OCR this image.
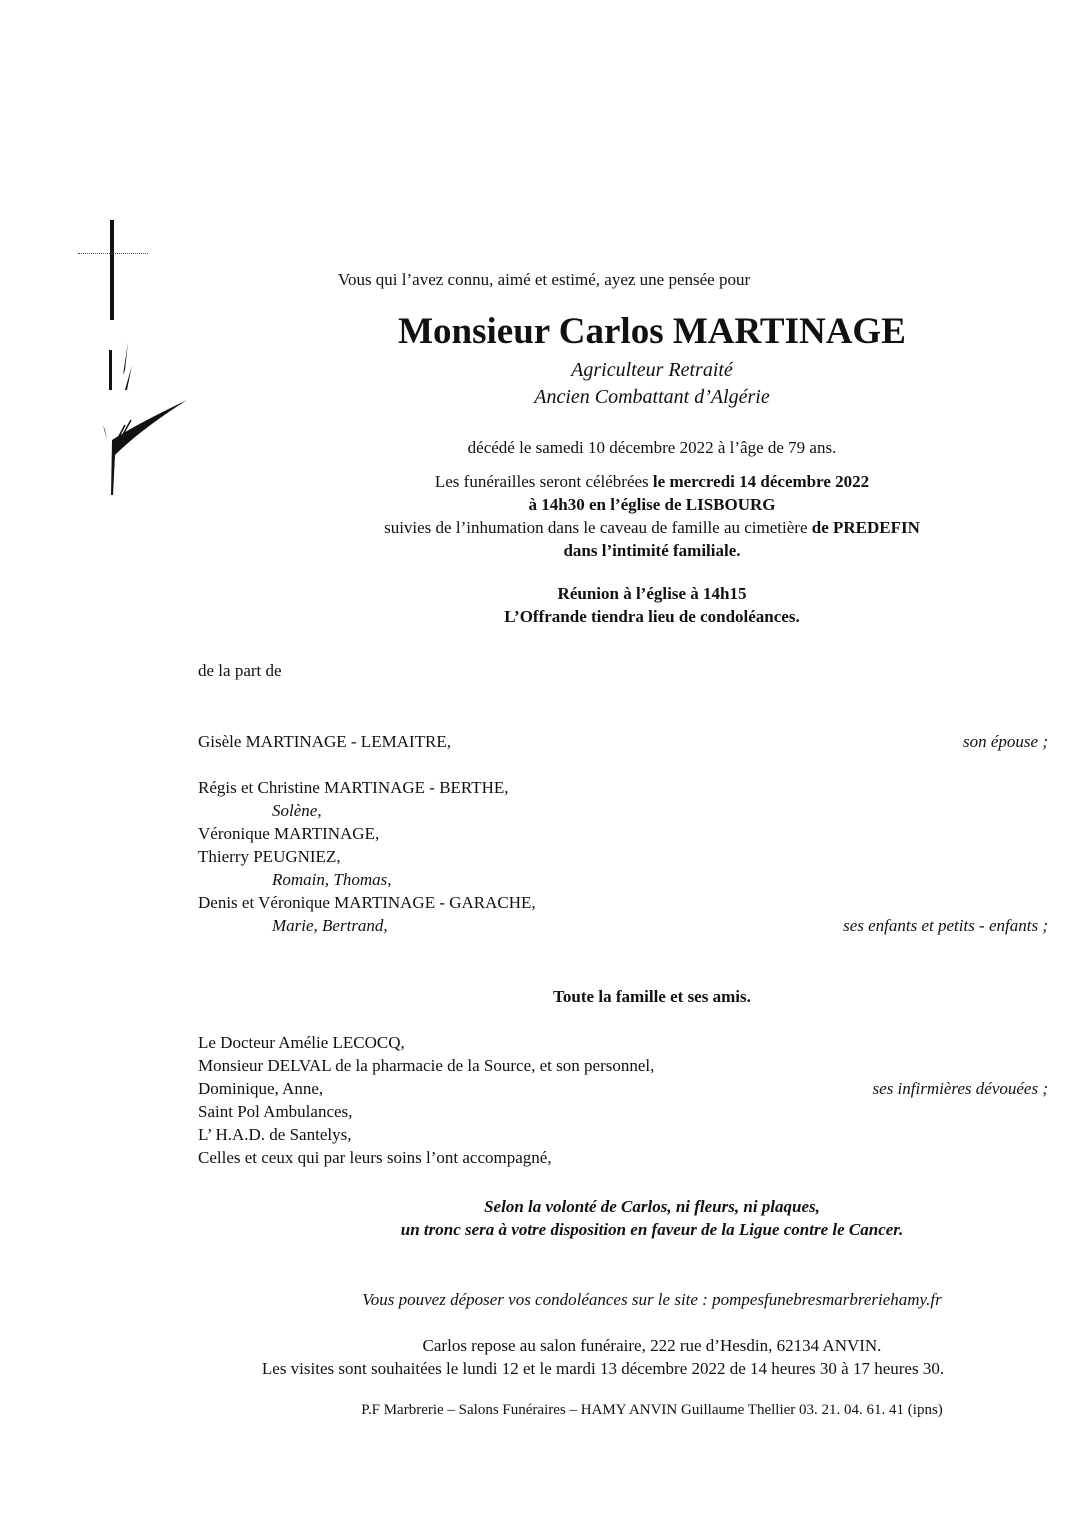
Vous qui l’avez connu, aimé et estimé, ayez une pensée pour
Monsieur Carlos MARTINAGE
Agriculteur Retraité
Ancien Combattant d’Algérie
décédé le samedi 10 décembre 2022 à l’âge de 79 ans.
Les funérailles seront célébrées le mercredi 14 décembre 2022
à 14h30 en l’église de LISBOURG
suivies de l’inhumation dans le caveau de famille au cimetière de PREDEFIN
dans l’intimité familiale.
Réunion à l’église à 14h15
L’Offrande tiendra lieu de condoléances.
de la part de
Gisèle MARTINAGE - LEMAITRE,	son épouse ;
Régis et Christine MARTINAGE - BERTHE,
Solène,
Véronique MARTINAGE,
Thierry PEUGNIEZ,
Romain, Thomas,
Denis et Véronique MARTINAGE - GARACHE,
Marie, Bertrand,	ses enfants et petits - enfants ;
Toute la famille et ses amis.
Le Docteur Amélie LECOCQ,
Monsieur DELVAL de la pharmacie de la Source, et son personnel,
Dominique, Anne,	ses infirmières dévouées ;
Saint Pol Ambulances,
L’ H.A.D. de Santelys,
Celles et ceux qui par leurs soins l’ont accompagné,
Selon la volonté de Carlos, ni fleurs, ni plaques,
un tronc sera à votre disposition en faveur de la Ligue contre le Cancer.
Vous pouvez déposer vos condoléances sur le site : pompesfunebresmarbreriehamy.fr
Carlos repose au salon funéraire, 222 rue d’Hesdin, 62134 ANVIN.
Les visites sont souhaitées le lundi 12 et le mardi 13 décembre 2022 de 14 heures 30 à 17 heures 30.
P.F Marbrerie – Salons Funéraires – HAMY ANVIN Guillaume Thellier 03. 21. 04. 61. 41 (ipns)
